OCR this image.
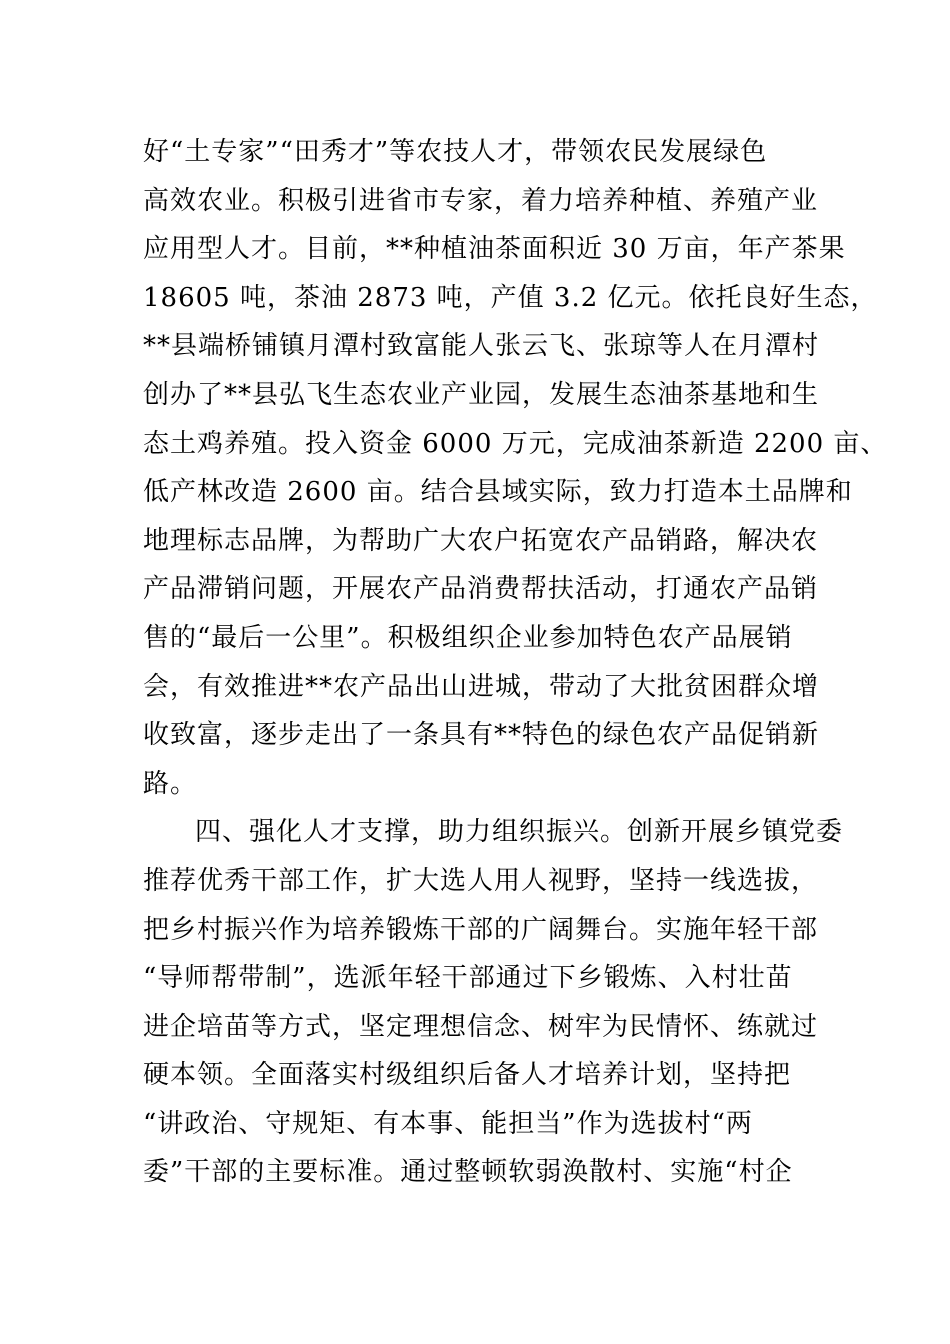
好“土专家”“田秀才”等农技人才，带领农民发展绿色
高效农业。积极引进省市专家，着力培养种植、养殖产业
应用型人才。目前，**种植油茶面积近 30 万亩，年产茶果
18605 吨，茶油 2873 吨，产值 3.2 亿元。依托良好生态，
**县端桥铺镇月潭村致富能人张云飞、张琼等人在月潭村
创办了**县弘飞生态农业产业园，发展生态油茶基地和生
态土鸡养殖。投入资金 6000 万元，完成油茶新造 2200 亩、
低产林改造 2600 亩。结合县域实际，致力打造本土品牌和
地理标志品牌，为帮助广大农户拓宽农产品销路，解决农
产品滞销问题，开展农产品消费帮扶活动，打通农产品销
售的“最后一公里”。积极组织企业参加特色农产品展销
会，有效推进**农产品出山进城，带动了大批贫困群众增
收致富，逐步走出了一条具有**特色的绿色农产品促销新
路。
四、强化人才支撑，助力组织振兴。创新开展乡镇党委
推荐优秀干部工作，扩大选人用人视野，坚持一线选拔，
把乡村振兴作为培养锻炼干部的广阔舞台。实施年轻干部
“导师帮带制”，选派年轻干部通过下乡锻炼、入村壮苗
进企培苗等方式，坚定理想信念、树牢为民情怀、练就过
硬本领。全面落实村级组织后备人才培养计划，坚持把
“讲政治、守规矩、有本事、能担当”作为选拔村“两
委”干部的主要标准。通过整顿软弱涣散村、实施“村企
